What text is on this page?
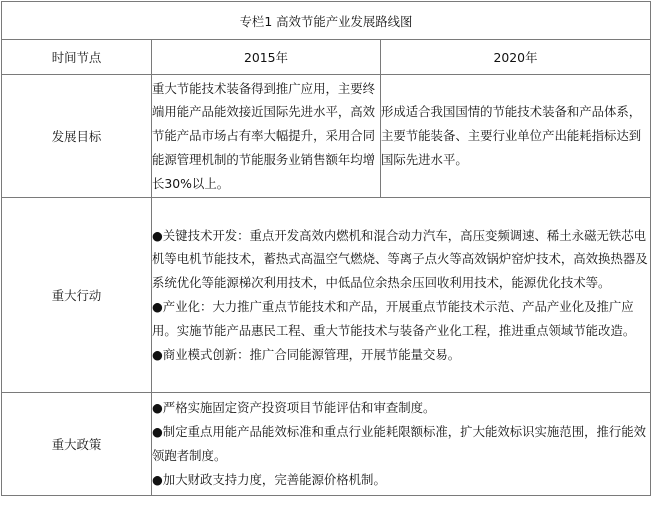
专栏1 高效节能产业发展路线图		
时间节点	2015年	2020年
发展目标	重大节能技术装备得到推广应用，主要终端用能产品能效接近国际先进水平，高效节能产品市场占有率大幅提升，采用合同能源管理机制的节能服务业销售额年均增长30%以上。	形成适合我国国情的节能技术装备和产品体系，主要节能装备、主要行业单位产出能耗指标达到国际先进水平。
重大行动	●关键技术开发：重点开发高效内燃机和混合动力汽车，高压变频调速、稀土永磁无铁芯电机等电机节能技术，蓄热式高温空气燃烧、等离子点火等高效锅炉窑炉技术，高效换热器及系统优化等能源梯次利用技术，中低品位余热余压回收利用技术，能源优化技术等。

●产业化：大力推广重点节能技术和产品，开展重点节能技术示范、产品产业化及推广应用。实施节能产品惠民工程、重大节能技术与装备产业化工程，推进重点领域节能改造。

●商业模式创新：推广合同能源管理，开展节能量交易。	

重大政策	●严格实施固定资产投资项目节能评估和审查制度。

●制定重点用能产品能效标准和重点行业能耗限额标准，扩大能效标识实施范围，推行能效领跑者制度。

●加大财政支持力度，完善能源价格机制。	
